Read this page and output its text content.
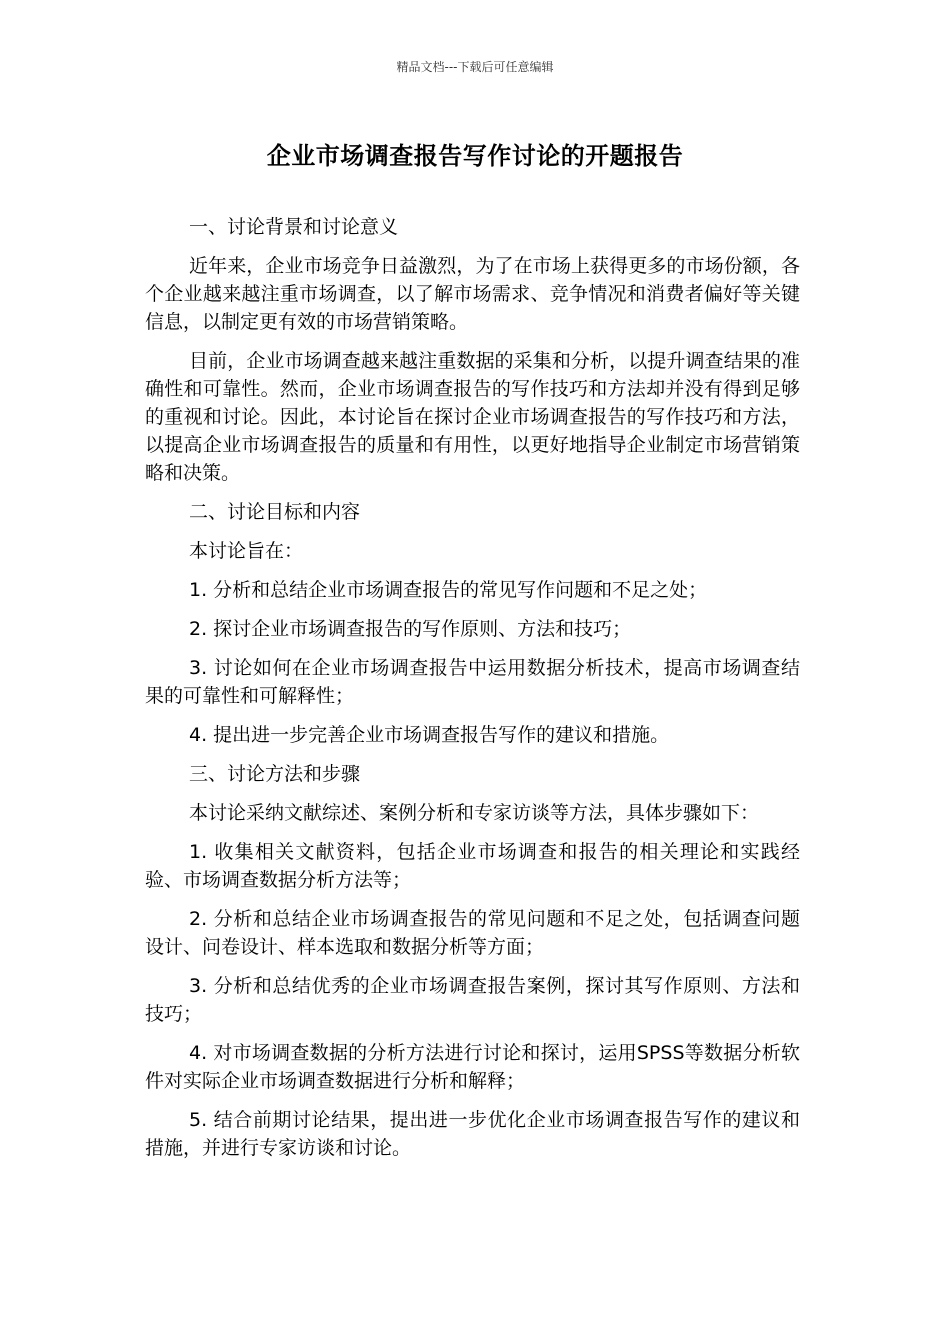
精品文档---下载后可任意编辑
企业市场调查报告写作讨论的开题报告

一、讨论背景和讨论意义

近年来，企业市场竞争日益激烈，为了在市场上获得更多的市场份额，各个企业越来越注重市场调查，以了解市场需求、竞争情况和消费者偏好等关键信息，以制定更有效的市场营销策略。

目前，企业市场调查越来越注重数据的采集和分析，以提升调查结果的准确性和可靠性。然而，企业市场调查报告的写作技巧和方法却并没有得到足够的重视和讨论。因此，本讨论旨在探讨企业市场调查报告的写作技巧和方法，以提高企业市场调查报告的质量和有用性，以更好地指导企业制定市场营销策略和决策。

二、讨论目标和内容

本讨论旨在：

1. 分析和总结企业市场调查报告的常见写作问题和不足之处；

2. 探讨企业市场调查报告的写作原则、方法和技巧；

3. 讨论如何在企业市场调查报告中运用数据分析技术，提高市场调查结果的可靠性和可解释性；

4. 提出进一步完善企业市场调查报告写作的建议和措施。

三、讨论方法和步骤

本讨论采纳文献综述、案例分析和专家访谈等方法，具体步骤如下：

1. 收集相关文献资料，包括企业市场调查和报告的相关理论和实践经验、市场调查数据分析方法等；

2. 分析和总结企业市场调查报告的常见问题和不足之处，包括调查问题设计、问卷设计、样本选取和数据分析等方面；

3. 分析和总结优秀的企业市场调查报告案例，探讨其写作原则、方法和技巧；

4. 对市场调查数据的分析方法进行讨论和探讨，运用SPSS等数据分析软件对实际企业市场调查数据进行分析和解释；

5. 结合前期讨论结果，提出进一步优化企业市场调查报告写作的建议和措施，并进行专家访谈和讨论。
